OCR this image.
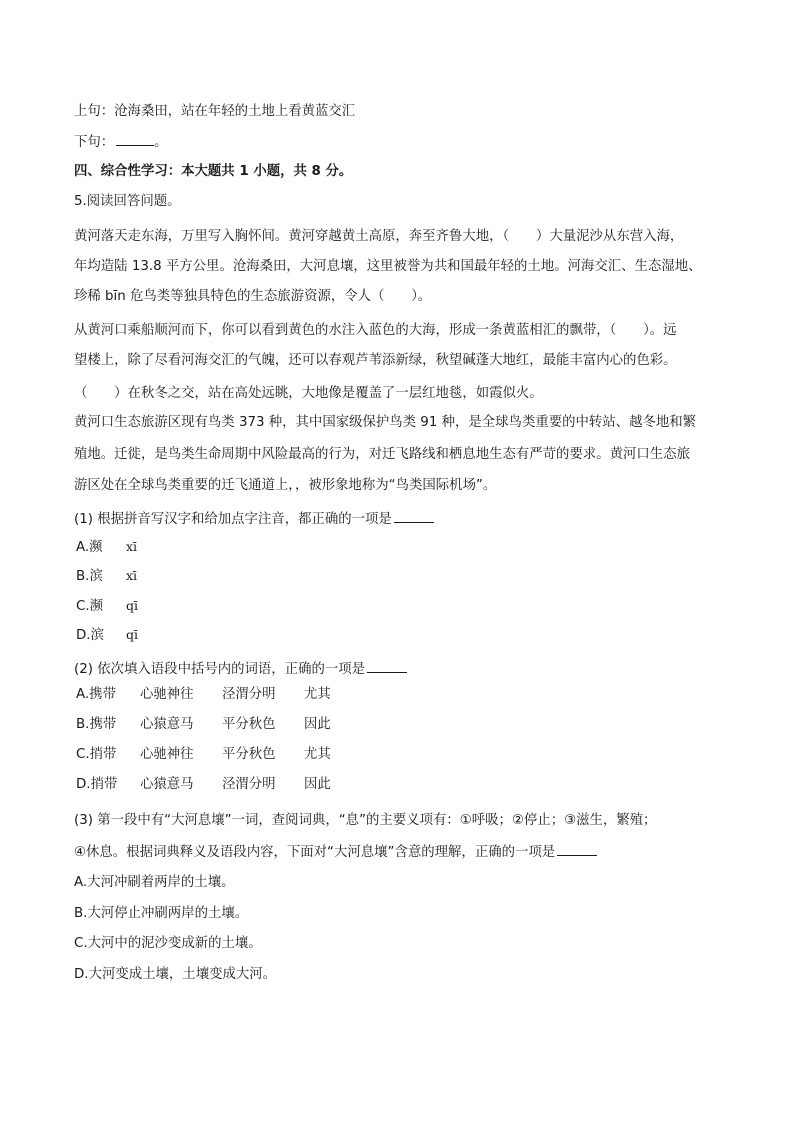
上句：沧海桑田，站在年轻的土地上看黄蓝交汇
下句：	。
四、综合性学习：本大题共 1 小题，共 8 分。
5.阅读回答问题。
黄河落天走东海，万里写入胸怀间。黄河穿越黄土高原，奔至齐鲁大地，（　　）大量泥沙从东营入海，
年均造陆 13.8 平方公里。沧海桑田，大河息壤，这里被誉为共和国最年轻的土地。河海交汇、生态湿地、
珍稀 bīn 危鸟类等独具特色的生态旅游资源，令人（　　）。
从黄河口乘船顺河而下，你可以看到黄色的水注入蓝色的大海，形成一条黄蓝相汇的飘带，（　　）。远
望楼上，除了尽看河海交汇的气魄，还可以春观芦苇添新绿，秋望碱蓬大地红，最能丰富内心的色彩。
（　　）在秋冬之交，站在高处远眺，大地像是覆盖了一层红地毯，如霞似火。
黄河口生态旅游区现有鸟类 373 种，其中国家级保护鸟类 91 种，是全球鸟类重要的中转站、越冬地和繁
殖地。迁徙，是鸟类生命周期中风险最高的行为，对迁飞路线和栖息地生态有严苛的要求。黄河口生态旅
游区处在全球鸟类重要的迁飞通道上，，被形象地称为“鸟类国际机场”。
(1) 根据拼音写汉字和给加点字注音，都正确的一项是
A.濒 xī
B.滨 xī
C.濒 qī
D.滨 qī
(2) 依次填入语段中括号内的词语，正确的一项是
A.携带 心驰神往 泾渭分明 尤其
B.携带 心猿意马 平分秋色 因此
C.捎带 心驰神往 平分秋色 尤其
D.捎带 心猿意马 泾渭分明 因此
(3) 第一段中有“大河息壤”一词，查阅词典，“息”的主要义项有：①呼吸；②停止；③滋生，繁殖；
④休息。根据词典释义及语段内容，下面对“大河息壤”含意的理解，正确的一项是
A.大河冲刷着两岸的土壤。
B.大河停止冲刷两岸的土壤。
C.大河中的泥沙变成新的土壤。
D.大河变成土壤，土壤变成大河。
